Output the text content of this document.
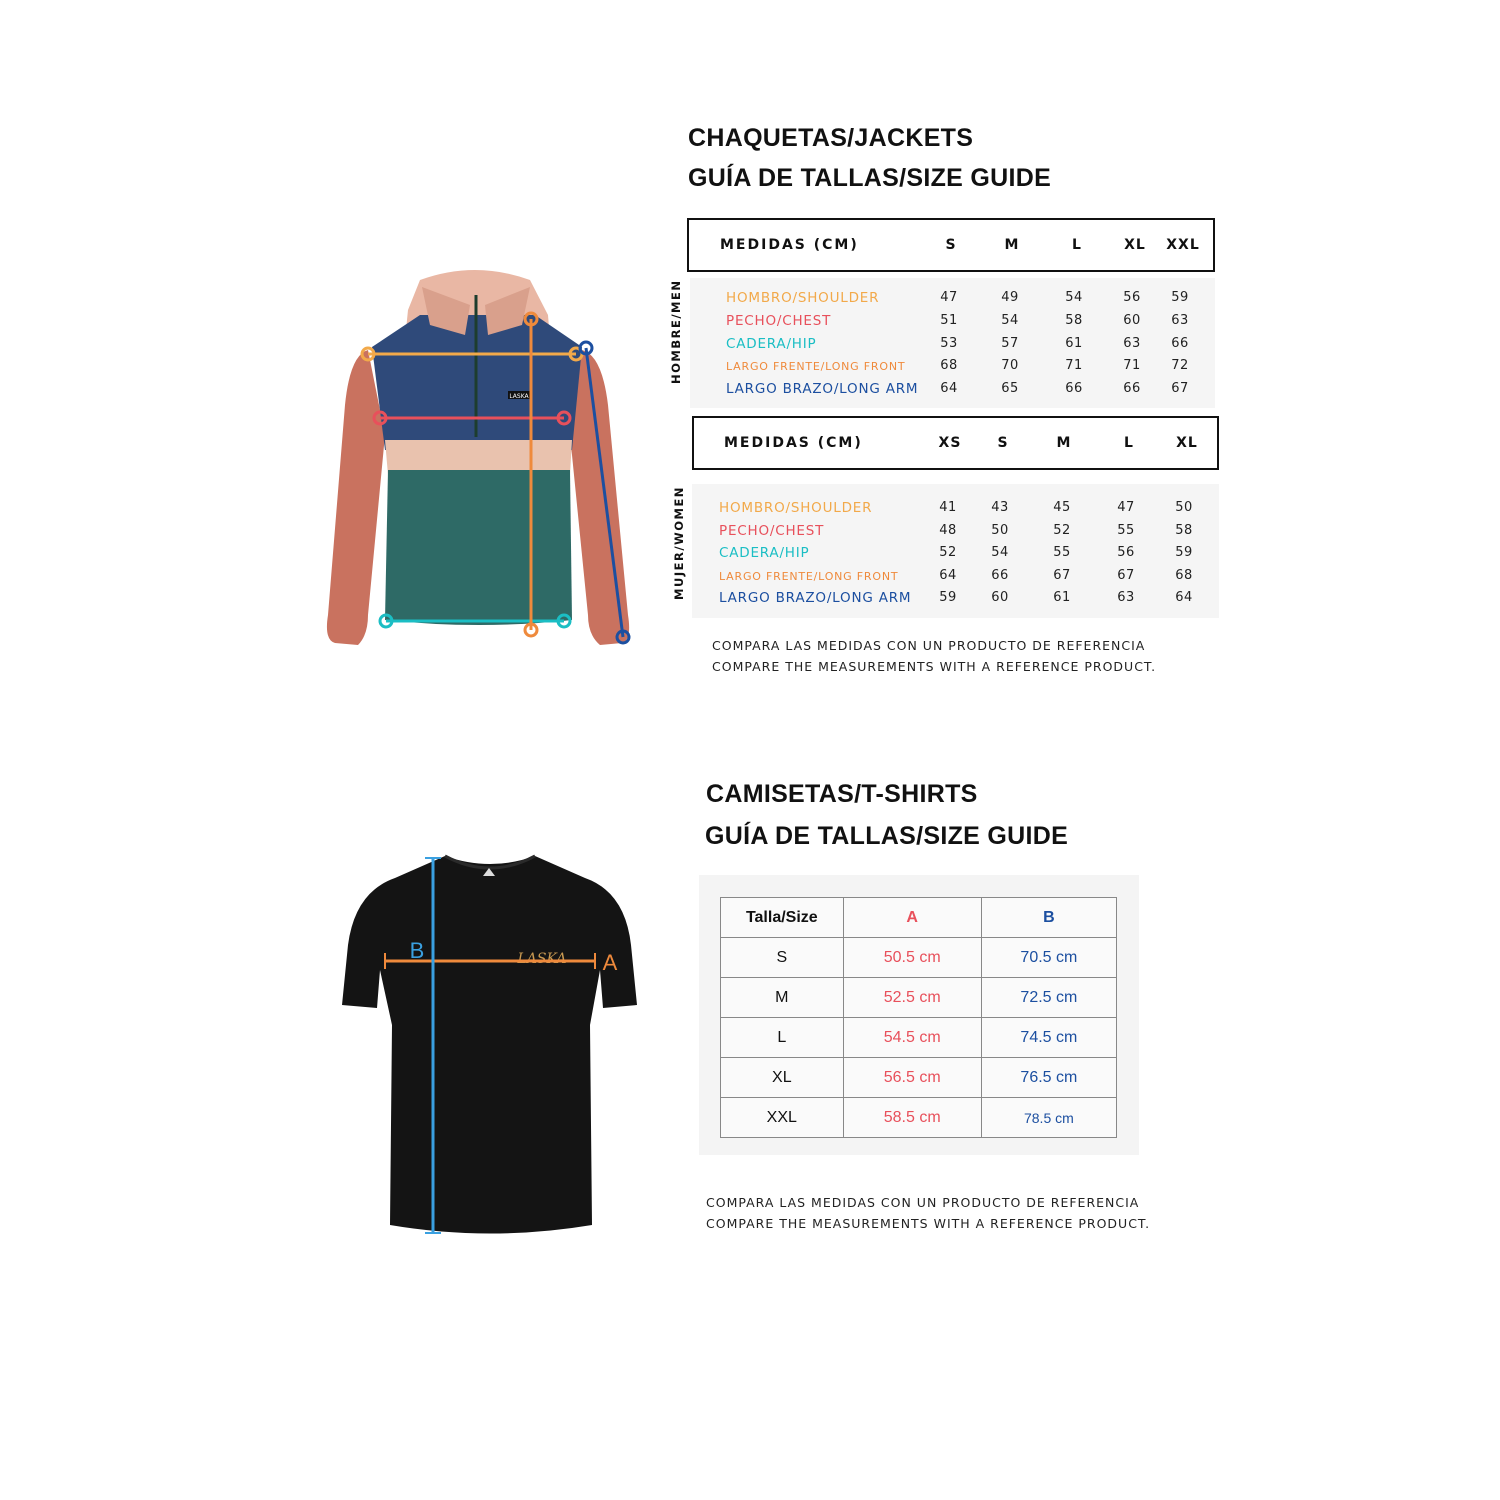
CHAQUETAS/JACKETS
GUÍA DE TALLAS/SIZE GUIDE
LASKA
HOMBRE/MEN
MEDIDAS (CM)	S	M	L	XL XXL
HOMBRO/SHOULDER	47	49	54	56 59
PECHO/CHEST	51	54	58	60 63
CADERA/HIP	53	57	61	63 66
LARGO FRENTE/LONG FRONT	68	70	71	71 72
LARGO BRAZO/LONG ARM 64	65	66	66 67
MUJER/WOMEN
MEDIDAS (CM)	XS	S	M	L	XL
HOMBRO/SHOULDER	41	43	45	47	50
PECHO/CHEST	48	50	52	55	58
CADERA/HIP	52	54	55	56	59
LARGO FRENTE/LONG FRONT	64	66	67	67	68
LARGO BRAZO/LONG ARM 59	60	61	63	64
COMPARA LAS MEDIDAS CON UN PRODUCTO DE REFERENCIA
COMPARE THE MEASUREMENTS WITH A REFERENCE PRODUCT.
CAMISETAS/T-SHIRTS
GUÍA DE TALLAS/SIZE GUIDE
LASKA A
B
Talla/Size	A	B
S	50.5 cm	70.5 cm
M	52.5 cm	72.5 cm
L	54.5 cm	74.5 cm
XL	56.5 cm	76.5 cm
XXL	58.5 cm	78.5 cm
COMPARA LAS MEDIDAS CON UN PRODUCTO DE REFERENCIA
COMPARE THE MEASUREMENTS WITH A REFERENCE PRODUCT.
